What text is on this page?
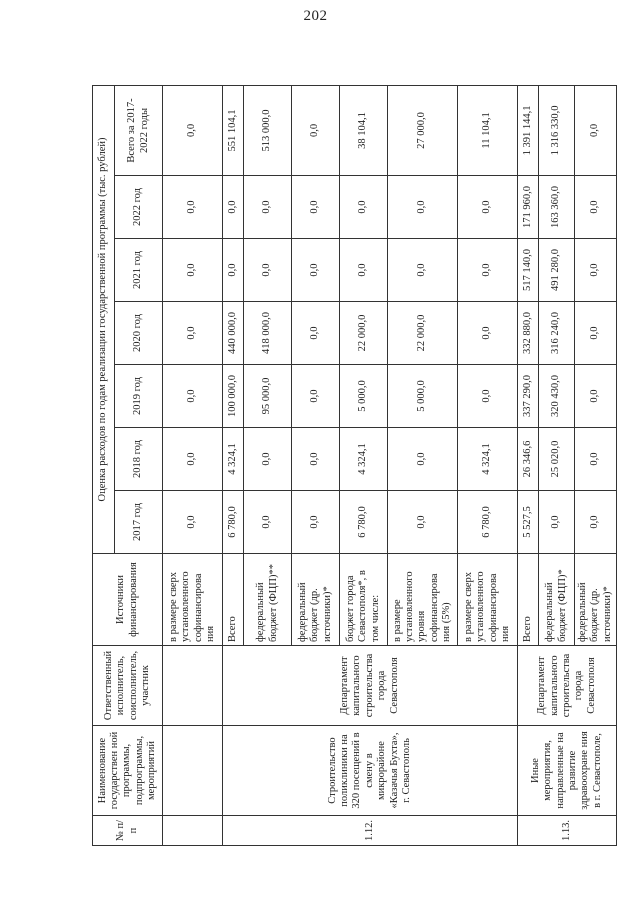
202
№ п/п	Наименование государствен ной программы, подпрограммы, мероприятий	Ответственный исполнитель, соисполнитель, участник	Источники финансирования	Оценка расходов по годам реализации государственной программы (тыс. рублей)						
				2017 год	2018 год	2019 год	2020 год	2021 год	2022 год	Всего за 2017-2022 годы
			в размере сверх установленного софинансирова ния	0,0	0,0	0,0	0,0	0,0	0,0	0,0
1.12.	Строительство поликлиники на 320 посещений в смену в микрорайоне «Казачья Бухта», г. Севастополь	Департамент капитального строительства города Севастополя	Всего	6 780,0	4 324,1	100 000,0	440 000,0	0,0	0,0	551 104,1
			федеральный бюджет (ФЦП)**	0,0	0,0	95 000,0	418 000,0	0,0	0,0	513 000,0
			федеральный бюджет (др. источники)*	0,0	0,0	0,0	0,0	0,0	0,0	0,0
			бюджет города Севастополя*, в том числе:	6 780,0	4 324,1	5 000,0	22 000,0	0,0	0,0	38 104,1
			в размере установленного уровня софинансирова ния (5%)	0,0	0,0	5 000,0	22 000,0	0,0	0,0	27 000,0
			в размере сверх установленного софинансирова ния	6 780,0	4 324,1	0,0	0,0	0,0	0,0	11 104,1
1.13.	Иные мероприятия, направленные на развитие здравоохране ния в г. Севастополе,	Департамент капитального строительства города Севастополя	Всего	5 527,5	26 346,6	337 290,0	332 880,0	517 140,0	171 960,0	1 391 144,1
			федеральный бюджет (ФЦП)*	0,0	25 020,0	320 430,0	316 240,0	491 280,0	163 360,0	1 316 330,0
			федеральный бюджет (др. источники)*	0,0	0,0	0,0	0,0	0,0	0,0	0,0
